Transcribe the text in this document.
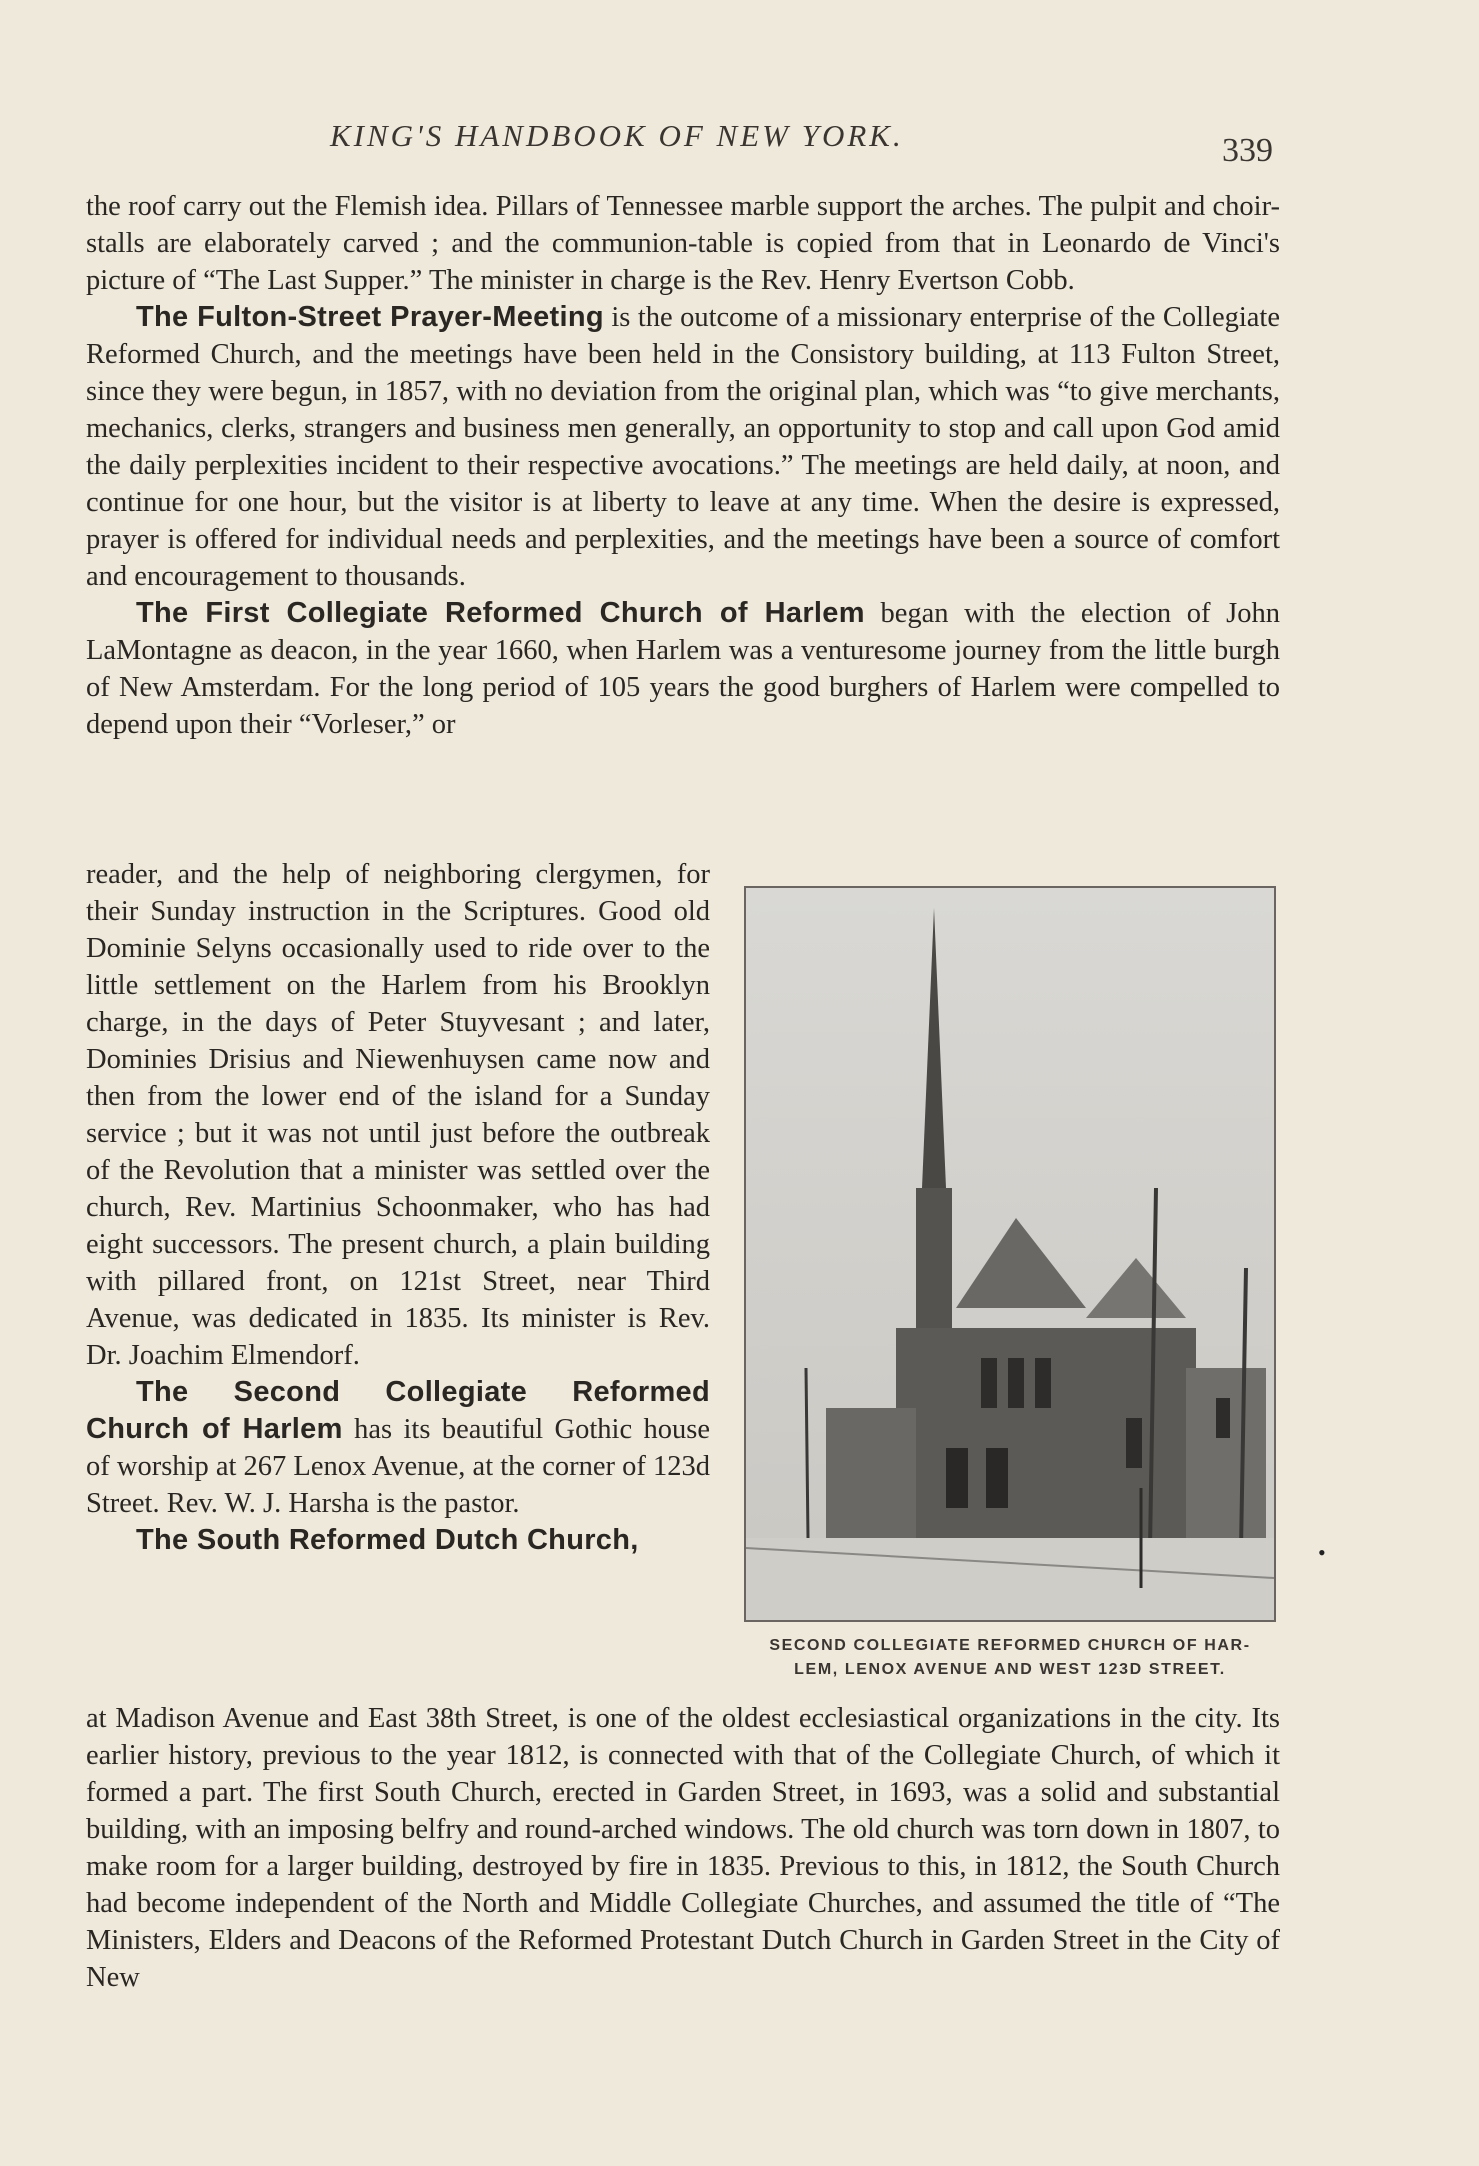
KING'S HANDBOOK OF NEW YORK.	339

the roof carry out the Flemish idea. Pillars of Tennessee marble support the arches. The pulpit and choir-stalls are elaborately carved ; and the communion-table is copied from that in Leonardo de Vinci's picture of “The Last Supper.” The minister in charge is the Rev. Henry Evertson Cobb.

The Fulton-Street Prayer-Meeting is the outcome of a missionary enterprise of the Collegiate Reformed Church, and the meetings have been held in the Consistory building, at 113 Fulton Street, since they were begun, in 1857, with no deviation from the original plan, which was “to give merchants, mechanics, clerks, strangers and business men generally, an opportunity to stop and call upon God amid the daily perplexities incident to their respective avocations.” The meetings are held daily, at noon, and continue for one hour, but the visitor is at liberty to leave at any time. When the desire is expressed, prayer is offered for individual needs and perplexities, and the meetings have been a source of comfort and encouragement to thousands.

The First Collegiate Reformed Church of Harlem began with the election of John LaMontagne as deacon, in the year 1660, when Harlem was a venturesome journey from the little burgh of New Amsterdam. For the long period of 105 years the good burghers of Harlem were compelled to depend upon their “Vorleser,” or

reader, and the help of neighboring clergymen, for their Sunday instruction in the Scriptures. Good old Dominie Selyns occasionally used to ride over to the little settlement on the Harlem from his Brooklyn charge, in the days of Peter Stuyvesant ; and later, Dominies Drisius and Niewenhuysen came now and then from the lower end of the island for a Sunday service ; but it was not until just before the outbreak of the Revolution that a minister was settled over the church, Rev. Martinius Schoonmaker, who has had eight successors. The present church, a plain building with pillared front, on 121st Street, near Third Avenue, was dedicated in 1835. Its minister is Rev. Dr. Joachim Elmendorf.

The Second Collegiate Reformed Church of Harlem has its beautiful Gothic house of worship at 267 Lenox Avenue, at the corner of 123d Street. Rev. W. J. Harsha is the pastor.

The South Reformed Dutch Church,

SECOND COLLEGIATE REFORMED CHURCH OF HAR-
LEM, LENOX AVENUE AND WEST 123D STREET.
•

at Madison Avenue and East 38th Street, is one of the oldest ecclesiastical organizations in the city. Its earlier history, previous to the year 1812, is connected with that of the Collegiate Church, of which it formed a part. The first South Church, erected in Garden Street, in 1693, was a solid and substantial building, with an imposing belfry and round-arched windows. The old church was torn down in 1807, to make room for a larger building, destroyed by fire in 1835. Previous to this, in 1812, the South Church had become independent of the North and Middle Collegiate Churches, and assumed the title of “The Ministers, Elders and Deacons of the Reformed Protestant Dutch Church in Garden Street in the City of New
